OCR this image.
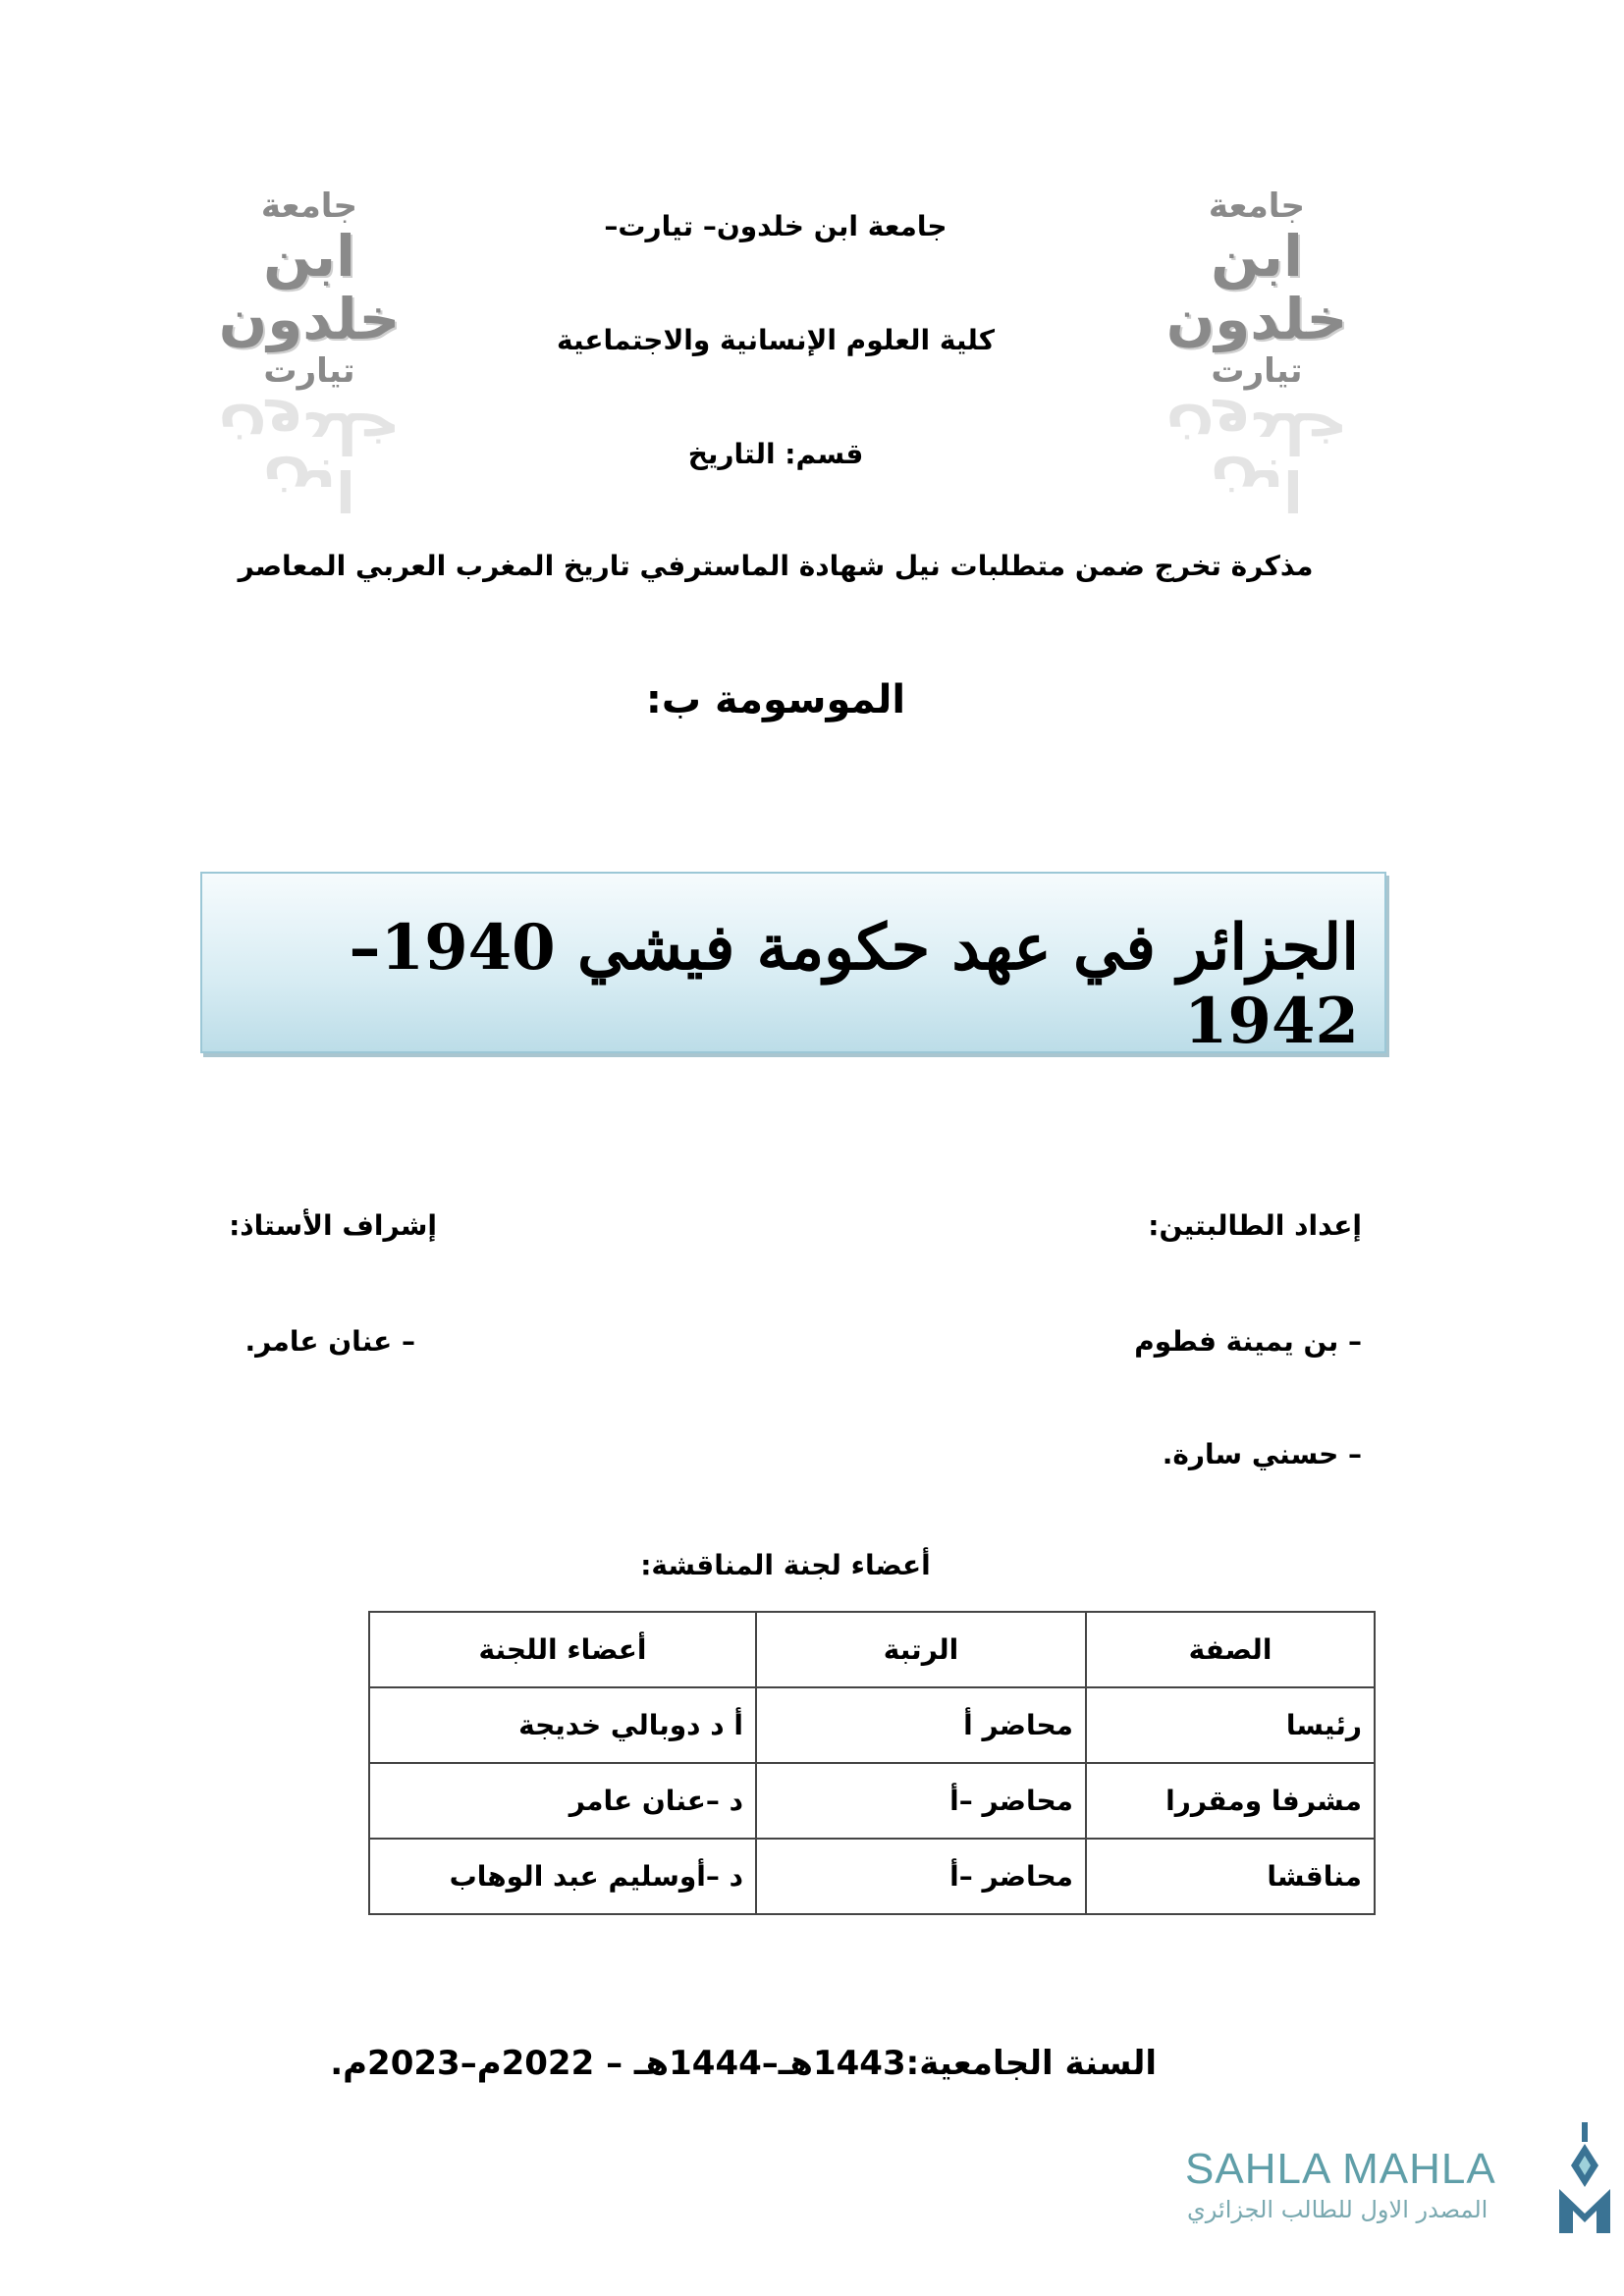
جامعة
ابن خلدون
تيارت
ابن خلدون
جامعة
ابن خلدون
تيارت
ابن خلدون
جامعة ابن خلدون– تيارت–
كلية العلوم الإنسانية والاجتماعية
قسم: التاريخ
مذكرة تخرج ضمن متطلبات نيل شهادة الماسترفي تاريخ المغرب العربي المعاصر
الموسومة ب:
الجزائر في عهد حكومة فيشي 1940–1942
إعداد الطالبتين:
إشراف الأستاذ:
– بن يمينة فطوم
– عنان عامر.
– حسني سارة.
أعضاء لجنة المناقشة:
الصفة	الرتبة	أعضاء اللجنة
رئيسا	محاضر أ	أ د دوبالي خديجة
مشرفا ومقررا	محاضر –أ	د –عنان عامر
مناقشا	محاضر –أ	د –أوسليم عبد الوهاب
السنة الجامعية:1443هـ–1444هـ – 2022م–2023م.
SAHLA MAHLA
المصدر الاول للطالب الجزائري
